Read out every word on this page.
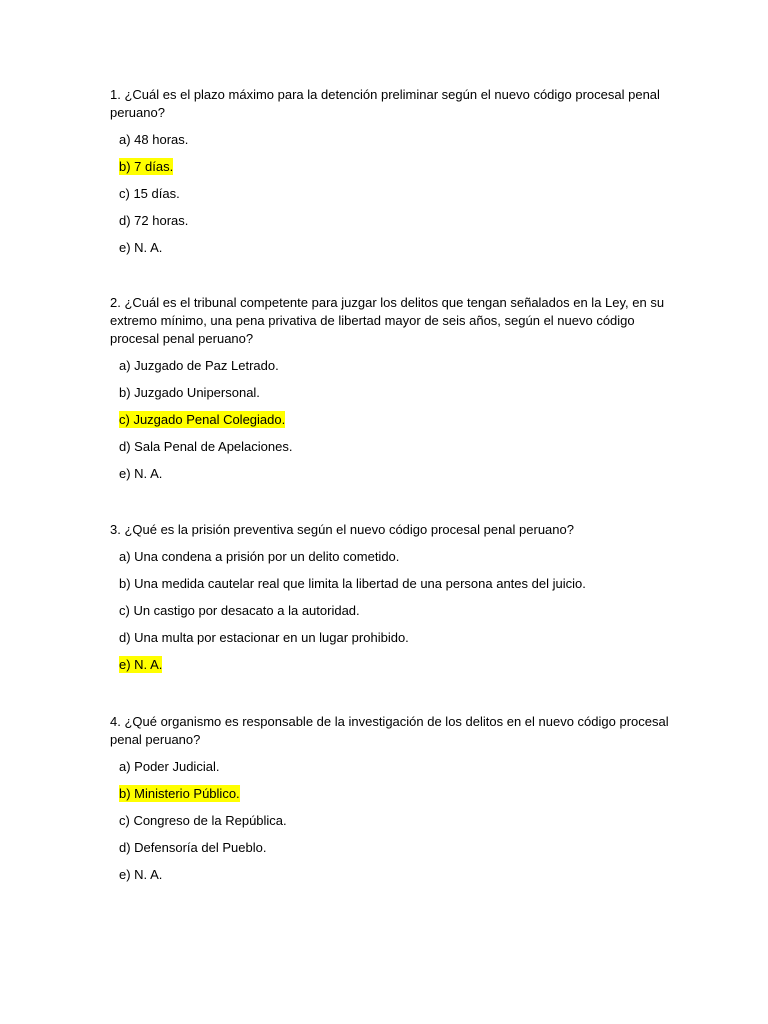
1. ¿Cuál es el plazo máximo para la detención preliminar según el nuevo código procesal penal peruano?

a) 48 horas.
b) 7 días.
c) 15 días.
d) 72 horas.
e) N. A.

2. ¿Cuál es el tribunal competente para juzgar los delitos que tengan señalados en la Ley, en su extremo mínimo, una pena privativa de libertad mayor de seis años, según el nuevo código procesal penal peruano?

a) Juzgado de Paz Letrado.
b) Juzgado Unipersonal.
c) Juzgado Penal Colegiado.
d) Sala Penal de Apelaciones.
e) N. A.

3. ¿Qué es la prisión preventiva según el nuevo código procesal penal peruano?

a) Una condena a prisión por un delito cometido.
b) Una medida cautelar real que limita la libertad de una persona antes del juicio.
c) Un castigo por desacato a la autoridad.
d) Una multa por estacionar en un lugar prohibido.
e) N. A.

4. ¿Qué organismo es responsable de la investigación de los delitos en el nuevo código procesal penal peruano?

a) Poder Judicial.
b) Ministerio Público.
c) Congreso de la República.
d) Defensoría del Pueblo.
e) N. A.
